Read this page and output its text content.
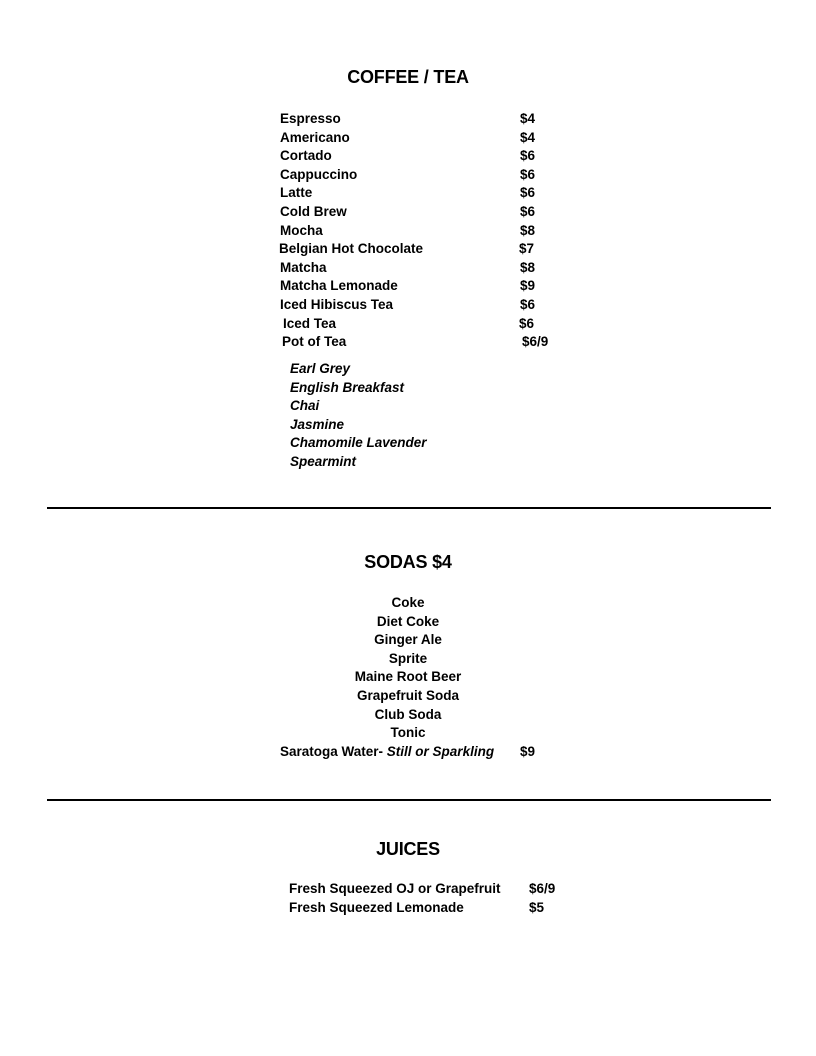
COFFEE / TEA
Espresso	$4
Americano	$4
Cortado	$6
Cappuccino	$6
Latte	$6
Cold Brew	$6
Mocha	$8
Belgian Hot Chocolate	$7
Matcha	$8
Matcha Lemonade	$9
Iced Hibiscus Tea	$6
Iced Tea	$6
Pot of Tea	$6/9
Earl Grey
English Breakfast
Chai
Jasmine
Chamomile Lavender
Spearmint
SODAS $4
Coke
Diet Coke
Ginger Ale
Sprite
Maine Root Beer
Grapefruit Soda
Club Soda
Tonic
Saratoga Water- Still or Sparkling $9
JUICES
Fresh Squeezed OJ or Grapefruit $6/9
Fresh Squeezed Lemonade	$5
